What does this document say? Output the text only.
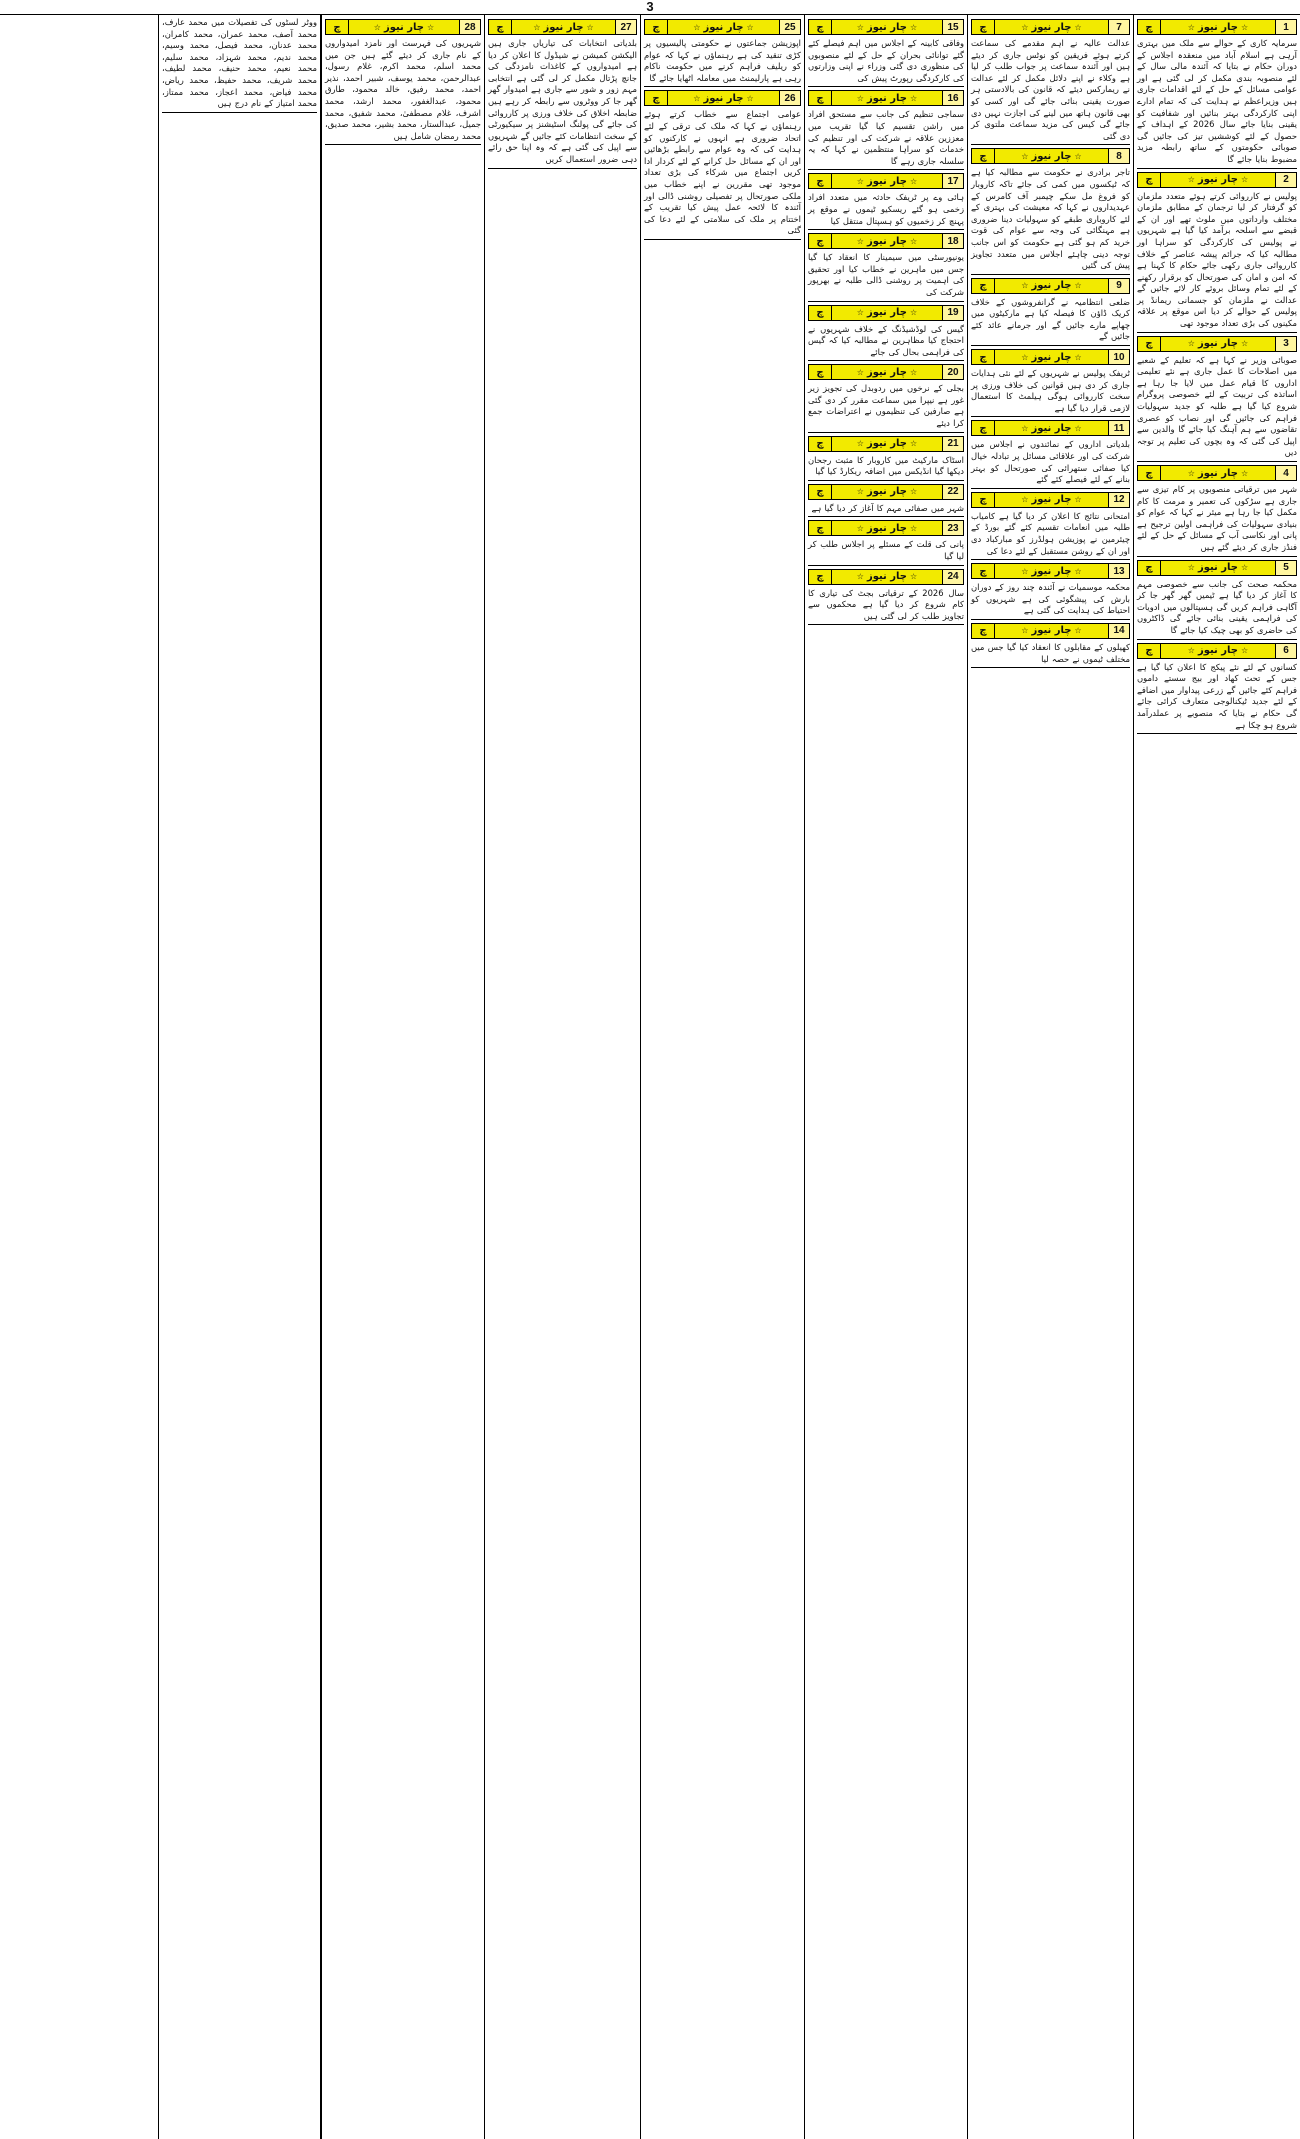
3
1
☆چار نیوز☆
چ
سرمایہ کاری کے حوالے سے ملک میں بہتری آرہی ہے اسلام آباد میں منعقدہ اجلاس کے دوران حکام نے بتایا کہ آئندہ مالی سال کے لئے منصوبہ بندی مکمل کر لی گئی ہے اور عوامی مسائل کے حل کے لئے اقدامات جاری ہیں وزیراعظم نے ہدایت کی کہ تمام ادارے اپنی کارکردگی بہتر بنائیں اور شفافیت کو یقینی بنایا جائے سال 2026 کے اہداف کے حصول کے لئے کوششیں تیز کی جائیں گی صوبائی حکومتوں کے ساتھ رابطہ مزید مضبوط بنایا جائے گا
2
☆چار نیوز☆
چ
پولیس نے کارروائی کرتے ہوئے متعدد ملزمان کو گرفتار کر لیا ترجمان کے مطابق ملزمان مختلف وارداتوں میں ملوث تھے اور ان کے قبضے سے اسلحہ برآمد کیا گیا ہے شہریوں نے پولیس کی کارکردگی کو سراہا اور مطالبہ کیا کہ جرائم پیشہ عناصر کے خلاف کارروائی جاری رکھی جائے حکام کا کہنا ہے کہ امن و امان کی صورتحال کو برقرار رکھنے کے لئے تمام وسائل بروئے کار لائے جائیں گے عدالت نے ملزمان کو جسمانی ریمانڈ پر پولیس کے حوالے کر دیا اس موقع پر علاقہ مکینوں کی بڑی تعداد موجود تھی
3
☆چار نیوز☆
چ
صوبائی وزیر نے کہا ہے کہ تعلیم کے شعبے میں اصلاحات کا عمل جاری ہے نئے تعلیمی اداروں کا قیام عمل میں لایا جا رہا ہے اساتذہ کی تربیت کے لئے خصوصی پروگرام شروع کیا گیا ہے طلبہ کو جدید سہولیات فراہم کی جائیں گی اور نصاب کو عصری تقاضوں سے ہم آہنگ کیا جائے گا والدین سے اپیل کی گئی کہ وہ بچوں کی تعلیم پر توجہ دیں
4
☆چار نیوز☆
چ
شہر میں ترقیاتی منصوبوں پر کام تیزی سے جاری ہے سڑکوں کی تعمیر و مرمت کا کام مکمل کیا جا رہا ہے میئر نے کہا کہ عوام کو بنیادی سہولیات کی فراہمی اولین ترجیح ہے پانی اور نکاسی آب کے مسائل کے حل کے لئے فنڈز جاری کر دیئے گئے ہیں
5
☆چار نیوز☆
چ
محکمہ صحت کی جانب سے خصوصی مہم کا آغاز کر دیا گیا ہے ٹیمیں گھر گھر جا کر آگاہی فراہم کریں گی ہسپتالوں میں ادویات کی فراہمی یقینی بنائی جائے گی ڈاکٹروں کی حاضری کو بھی چیک کیا جائے گا
6
☆چار نیوز☆
چ
کسانوں کے لئے نئے پیکج کا اعلان کیا گیا ہے جس کے تحت کھاد اور بیج سستے داموں فراہم کئے جائیں گے زرعی پیداوار میں اضافے کے لئے جدید ٹیکنالوجی متعارف کرائی جائے گی حکام نے بتایا کہ منصوبے پر عملدرآمد شروع ہو چکا ہے
7
☆چار نیوز☆
چ
عدالت عالیہ نے اہم مقدمے کی سماعت کرتے ہوئے فریقین کو نوٹس جاری کر دیئے ہیں اور آئندہ سماعت پر جواب طلب کر لیا ہے وکلاء نے اپنے دلائل مکمل کر لئے عدالت نے ریمارکس دیئے کہ قانون کی بالادستی ہر صورت یقینی بنائی جائے گی اور کسی کو بھی قانون ہاتھ میں لینے کی اجازت نہیں دی جائے گی کیس کی مزید سماعت ملتوی کر دی گئی
8
☆چار نیوز☆
چ
تاجر برادری نے حکومت سے مطالبہ کیا ہے کہ ٹیکسوں میں کمی کی جائے تاکہ کاروبار کو فروغ مل سکے چیمبر آف کامرس کے عہدیداروں نے کہا کہ معیشت کی بہتری کے لئے کاروباری طبقے کو سہولیات دینا ضروری ہے مہنگائی کی وجہ سے عوام کی قوت خرید کم ہو گئی ہے حکومت کو اس جانب توجہ دینی چاہئے اجلاس میں متعدد تجاویز پیش کی گئیں
9
☆چار نیوز☆
چ
ضلعی انتظامیہ نے گرانفروشوں کے خلاف کریک ڈاؤن کا فیصلہ کیا ہے مارکیٹوں میں چھاپے مارے جائیں گے اور جرمانے عائد کئے جائیں گے
10
☆چار نیوز☆
چ
ٹریفک پولیس نے شہریوں کے لئے نئی ہدایات جاری کر دی ہیں قوانین کی خلاف ورزی پر سخت کارروائی ہوگی ہیلمٹ کا استعمال لازمی قرار دیا گیا ہے
11
☆چار نیوز☆
چ
بلدیاتی اداروں کے نمائندوں نے اجلاس میں شرکت کی اور علاقائی مسائل پر تبادلہ خیال کیا صفائی ستھرائی کی صورتحال کو بہتر بنانے کے لئے فیصلے کئے گئے
12
☆چار نیوز☆
چ
امتحانی نتائج کا اعلان کر دیا گیا ہے کامیاب طلبہ میں انعامات تقسیم کئے گئے بورڈ کے چیئرمین نے پوزیشن ہولڈرز کو مبارکباد دی اور ان کے روشن مستقبل کے لئے دعا کی
13
☆چار نیوز☆
چ
محکمہ موسمیات نے آئندہ چند روز کے دوران بارش کی پیشگوئی کی ہے شہریوں کو احتیاط کی ہدایت کی گئی ہے
14
☆چار نیوز☆
چ
کھیلوں کے مقابلوں کا انعقاد کیا گیا جس میں مختلف ٹیموں نے حصہ لیا
15
☆چار نیوز☆
چ
وفاقی کابینہ کے اجلاس میں اہم فیصلے کئے گئے توانائی بحران کے حل کے لئے منصوبوں کی منظوری دی گئی وزراء نے اپنی وزارتوں کی کارکردگی رپورٹ پیش کی
16
☆چار نیوز☆
چ
سماجی تنظیم کی جانب سے مستحق افراد میں راشن تقسیم کیا گیا تقریب میں معززین علاقہ نے شرکت کی اور تنظیم کی خدمات کو سراہا منتظمین نے کہا کہ یہ سلسلہ جاری رہے گا
17
☆چار نیوز☆
چ
ہائی وے پر ٹریفک حادثہ میں متعدد افراد زخمی ہو گئے ریسکیو ٹیموں نے موقع پر پہنچ کر زخمیوں کو ہسپتال منتقل کیا
18
☆چار نیوز☆
چ
یونیورسٹی میں سیمینار کا انعقاد کیا گیا جس میں ماہرین نے خطاب کیا اور تحقیق کی اہمیت پر روشنی ڈالی طلبہ نے بھرپور شرکت کی
19
☆چار نیوز☆
چ
گیس کی لوڈشیڈنگ کے خلاف شہریوں نے احتجاج کیا مظاہرین نے مطالبہ کیا کہ گیس کی فراہمی بحال کی جائے
20
☆چار نیوز☆
چ
بجلی کے نرخوں میں ردوبدل کی تجویز زیر غور ہے نیپرا میں سماعت مقرر کر دی گئی ہے صارفین کی تنظیموں نے اعتراضات جمع کرا دیئے
21
☆چار نیوز☆
چ
اسٹاک مارکیٹ میں کاروبار کا مثبت رجحان دیکھا گیا انڈیکس میں اضافہ ریکارڈ کیا گیا
22
☆چار نیوز☆
چ
شہر میں صفائی مہم کا آغاز کر دیا گیا ہے
23
☆چار نیوز☆
چ
پانی کی قلت کے مسئلے پر اجلاس طلب کر لیا گیا
24
☆چار نیوز☆
چ
سال 2026 کے ترقیاتی بجٹ کی تیاری کا کام شروع کر دیا گیا ہے محکموں سے تجاویز طلب کر لی گئی ہیں
25
☆چار نیوز☆
چ
اپوزیشن جماعتوں نے حکومتی پالیسیوں پر کڑی تنقید کی ہے رہنماؤں نے کہا کہ عوام کو ریلیف فراہم کرنے میں حکومت ناکام رہی ہے پارلیمنٹ میں معاملہ اٹھایا جائے گا
26
☆چار نیوز☆
چ
عوامی اجتماع سے خطاب کرتے ہوئے رہنماؤں نے کہا کہ ملک کی ترقی کے لئے اتحاد ضروری ہے انہوں نے کارکنوں کو ہدایت کی کہ وہ عوام سے رابطے بڑھائیں اور ان کے مسائل حل کرانے کے لئے کردار ادا کریں اجتماع میں شرکاء کی بڑی تعداد موجود تھی مقررین نے اپنے خطاب میں ملکی صورتحال پر تفصیلی روشنی ڈالی اور آئندہ کا لائحہ عمل پیش کیا تقریب کے اختتام پر ملک کی سلامتی کے لئے دعا کی گئی
27
☆چار نیوز☆
چ
بلدیاتی انتخابات کی تیاریاں جاری ہیں الیکشن کمیشن نے شیڈول کا اعلان کر دیا ہے امیدواروں کے کاغذات نامزدگی کی جانچ پڑتال مکمل کر لی گئی ہے انتخابی مہم زور و شور سے جاری ہے امیدوار گھر گھر جا کر ووٹروں سے رابطہ کر رہے ہیں ضابطہ اخلاق کی خلاف ورزی پر کارروائی کی جائے گی پولنگ اسٹیشنز پر سیکیورٹی کے سخت انتظامات کئے جائیں گے شہریوں سے اپیل کی گئی ہے کہ وہ اپنا حق رائے دہی ضرور استعمال کریں
28
☆چار نیوز☆
چ
شہریوں کی فہرست اور نامزد امیدواروں کے نام جاری کر دیئے گئے ہیں جن میں محمد اسلم، محمد اکرم، غلام رسول، عبدالرحمن، محمد یوسف، شبیر احمد، نذیر احمد، محمد رفیق، خالد محمود، طارق محمود، عبدالغفور، محمد ارشد، محمد اشرف، غلام مصطفیٰ، محمد شفیق، محمد جمیل، عبدالستار، محمد بشیر، محمد صدیق، محمد رمضان شامل ہیں
ووٹر لسٹوں کی تفصیلات میں محمد عارف، محمد آصف، محمد عمران، محمد کامران، محمد عدنان، محمد فیصل، محمد وسیم، محمد ندیم، محمد شہزاد، محمد سلیم، محمد نعیم، محمد حنیف، محمد لطیف، محمد شریف، محمد حفیظ، محمد ریاض، محمد فیاض، محمد اعجاز، محمد ممتاز، محمد امتیاز کے نام درج ہیں
